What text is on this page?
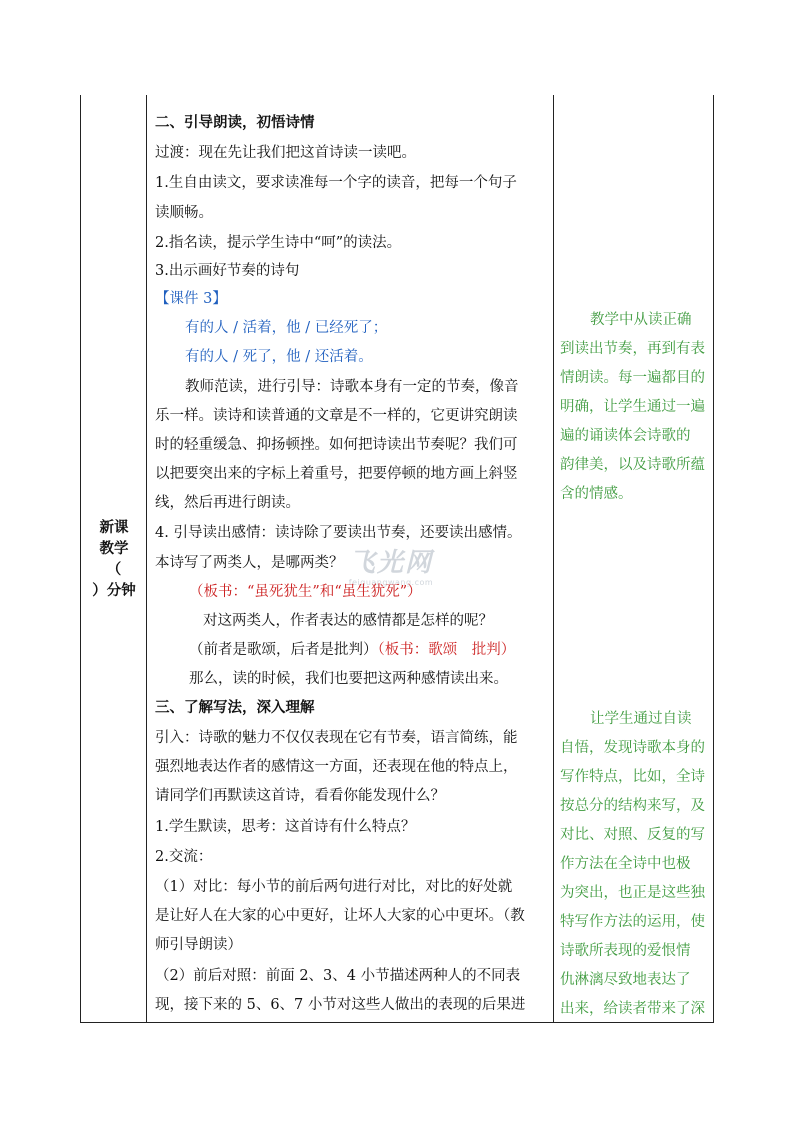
新课
教学
（
）分钟
飞光网
feiguangwang.com
二、引导朗读，初悟诗情
过渡：现在先让我们把这首诗读一读吧。
1.生自由读文，要求读准每一个字的读音，把每一个句子
读顺畅。
2.指名读，提示学生诗中“呵”的读法。
3.出示画好节奏的诗句
【课件 3】
有的人 / 活着，他 / 已经死了；
有的人 / 死了，他 / 还活着。
教师范读，进行引导：诗歌本身有一定的节奏，像音
乐一样。读诗和读普通的文章是不一样的，它更讲究朗读
时的轻重缓急、抑扬顿挫。如何把诗读出节奏呢？我们可
以把要突出来的字标上着重号，把要停顿的地方画上斜竖
线，然后再进行朗读。
4. 引导读出感情：读诗除了要读出节奏，还要读出感情。
本诗写了两类人，是哪两类？
（板书：“虽死犹生”和“虽生犹死”）
对这两类人，作者表达的感情都是怎样的呢？
（前者是歌颂，后者是批判）（板书：歌颂　批判）
那么，读的时候，我们也要把这两种感情读出来。
三、了解写法，深入理解
引入：诗歌的魅力不仅仅表现在它有节奏，语言简练，能
强烈地表达作者的感情这一方面，还表现在他的特点上，
请同学们再默读这首诗，看看你能发现什么？
1.学生默读，思考：这首诗有什么特点？
2.交流：
（1）对比：每小节的前后两句进行对比，对比的好处就
是让好人在大家的心中更好，让坏人大家的心中更坏。（教
师引导朗读）
（2）前后对照：前面 2、3、4 小节描述两种人的不同表
现，接下来的 5、6、7 小节对这些人做出的表现的后果进
教学中从读正确
到读出节奏，再到有表
情朗读。每一遍都目的
明确，让学生通过一遍
遍的诵读体会诗歌的
韵律美，以及诗歌所蕴
含的情感。
让学生通过自读
自悟，发现诗歌本身的
写作特点，比如，全诗
按总分的结构来写，及
对比、对照、反复的写
作方法在全诗中也极
为突出，也正是这些独
特写作方法的运用，使
诗歌所表现的爱恨情
仇淋漓尽致地表达了
出来，给读者带来了深
